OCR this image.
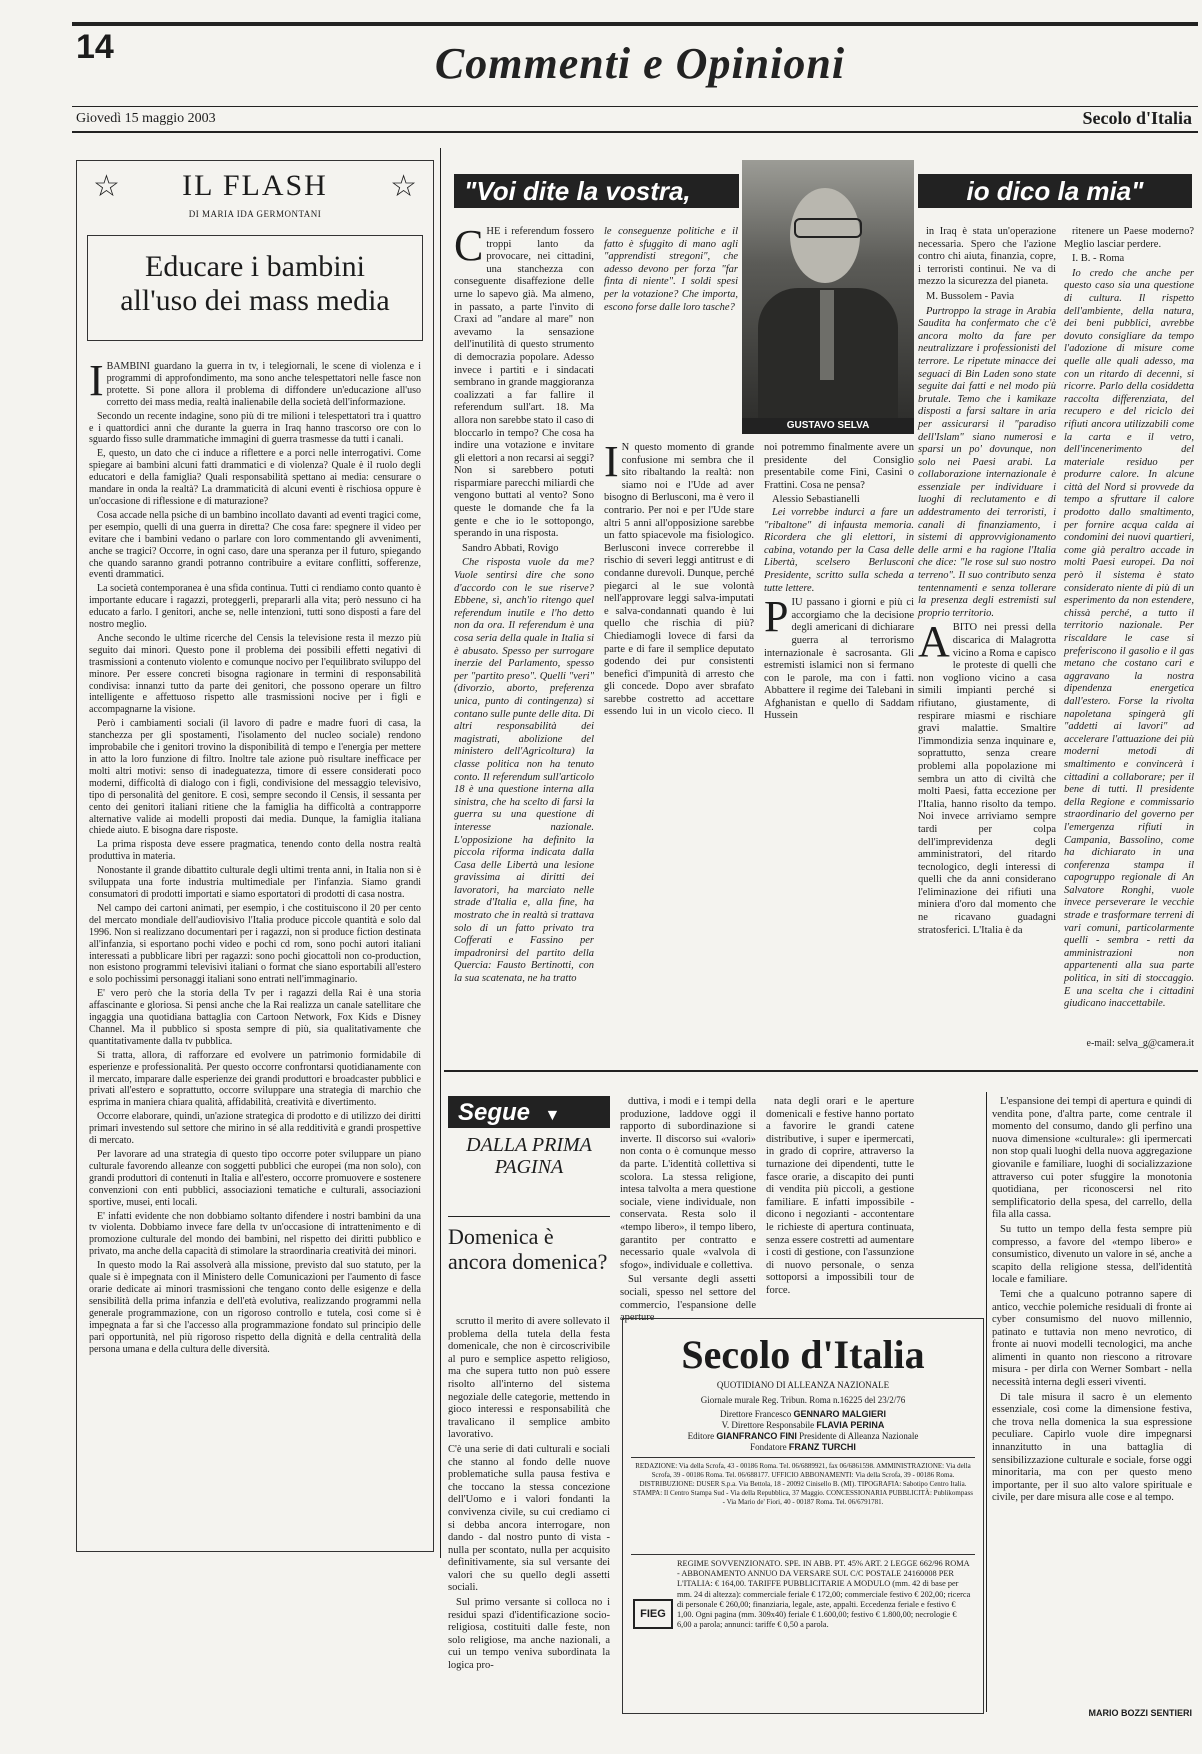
14	Commenti e Opinioni
Giovedì 15 maggio 2003	Secolo d'Italia
☆ IL FLASH ☆
DI MARIA IDA GERMONTANI
Educare i bambini all'uso dei mass media
I BAMBINI guardano la guerra in tv, i telegiornali, le scene di violenza e i programmi di approfondimento, ma sono anche telespettatori nelle fasce non protette. Si pone allora il problema di diffondere un'educazione all'uso corretto dei mass media, realtà inalienabile della società dell'informazione.

Secondo un recente indagine, sono più di tre milioni i telespettatori tra i quattro e i quattordici anni che durante la guerra in Iraq hanno trascorso ore con lo sguardo fisso sulle drammatiche immagini di guerra trasmesse da tutti i canali.

E, questo, un dato che ci induce a riflettere e a porci nelle interrogativi. Come spiegare ai bambini alcuni fatti drammatici e di violenza? Quale è il ruolo degli educatori e della famiglia? Quali responsabilità spettano ai media: censurare o mandare in onda la realtà? La drammaticità di alcuni eventi è rischiosa oppure è un'occasione di riflessione e di maturazione?

Cosa accade nella psiche di un bambino incollato davanti ad eventi tragici come, per esempio, quelli di una guerra in diretta? Che cosa fare: spegnere il video per evitare che i bambini vedano o parlare con loro commentando gli avvenimenti, anche se tragici? Occorre, in ogni caso, dare una speranza per il futuro, spiegando che quando saranno grandi potranno contribuire a evitare conflitti, sofferenze, eventi drammatici.

La società contemporanea è una sfida continua. Tutti ci rendiamo conto quanto è importante educare i ragazzi, proteggerli, prepararli alla vita; però nessuno ci ha educato a farlo. I genitori, anche se, nelle intenzioni, tutti sono disposti a fare del nostro meglio.

Anche secondo le ultime ricerche del Censis la televisione resta il mezzo più seguito dai minori. Questo pone il problema dei possibili effetti negativi di trasmissioni a contenuto violento e comunque nocivo per l'equilibrato sviluppo del minore. Per essere concreti bisogna ragionare in termini di responsabilità condivisa: innanzi tutto da parte dei genitori, che possono operare un filtro intelligente e affettuoso rispetto alle trasmissioni nocive per i figli e accompagnarne la visione.

Però i cambiamenti sociali (il lavoro di padre e madre fuori di casa, la stanchezza per gli spostamenti, l'isolamento del nucleo sociale) rendono improbabile che i genitori trovino la disponibilità di tempo e l'energia per mettere in atto la loro funzione di filtro. Inoltre tale azione può risultare inefficace per molti altri motivi: senso di inadeguatezza, timore di essere considerati poco moderni, difficoltà di dialogo con i figli, condivisione del messaggio televisivo, tipo di personalità del genitore. E così, sempre secondo il Censis, il sessanta per cento dei genitori italiani ritiene che la famiglia ha difficoltà a contrapporre alternative valide ai modelli proposti dai media. Dunque, la famiglia italiana chiede aiuto. E bisogna dare risposte.

La prima risposta deve essere pragmatica, tenendo conto della nostra realtà produttiva in materia.

Nonostante il grande dibattito culturale degli ultimi trenta anni, in Italia non si è sviluppata una forte industria multimediale per l'infanzia. Siamo grandi consumatori di prodotti importati e siamo esportatori di prodotti di casa nostra.

Nel campo dei cartoni animati, per esempio, i che costituiscono il 20 per cento del mercato mondiale dell'audiovisivo l'Italia produce piccole quantità e solo dal 1996. Non si realizzano documentari per i ragazzi, non si produce fiction destinata all'infanzia, si esportano pochi video e pochi cd rom, sono pochi autori italiani interessati a pubblicare libri per ragazzi: sono pochi giocattoli non co-production, non esistono programmi televisivi italiani o format che siano esportabili all'estero e solo pochissimi personaggi italiani sono entrati nell'immaginario.

E' vero però che la storia della Tv per i ragazzi della Rai è una storia affascinante e gloriosa. Si pensi anche che la Rai realizza un canale satellitare che ingaggia una quotidiana battaglia con Cartoon Network, Fox Kids e Disney Channel. Ma il pubblico si sposta sempre di più, sia qualitativamente che quantitativamente dalla tv pubblica.

Si tratta, allora, di rafforzare ed evolvere un patrimonio formidabile di esperienze e professionalità. Per questo occorre confrontarsi quotidianamente con il mercato, imparare dalle esperienze dei grandi produttori e broadcaster pubblici e privati all'estero e soprattutto, occorre sviluppare una strategia di marchio che esprima in maniera chiara qualità, affidabilità, creatività e divertimento.

Occorre elaborare, quindi, un'azione strategica di prodotto e di utilizzo dei diritti primari investendo sul settore che mirino in sé alla redditività e grandi prospettive di mercato.

Per lavorare ad una strategia di questo tipo occorre poter sviluppare un piano culturale favorendo alleanze con soggetti pubblici che europei (ma non solo), con grandi produttori di contenuti in Italia e all'estero, occorre promuovere e sostenere convenzioni con enti pubblici, associazioni tematiche e culturali, associazioni sportive, musei, enti locali.

E' infatti evidente che non dobbiamo soltanto difendere i nostri bambini da una tv violenta. Dobbiamo invece fare della tv un'occasione di intrattenimento e di promozione culturale del mondo dei bambini, nel rispetto dei diritti pubblico e privato, ma anche della capacità di stimolare la straordinaria creatività dei minori.

In questo modo la Rai assolverà alla missione, previsto dal suo statuto, per la quale si è impegnata con il Ministero delle Comunicazioni per l'aumento di fasce orarie dedicate ai minori trasmissioni che tengano conto delle esigenze e della sensibilità della prima infanzia e dell'età evolutiva, realizzando programmi nella generale programmazione, con un rigoroso controllo e tutela, così come si è impegnata a far sì che l'accesso alla programmazione fondato sul principio delle pari opportunità, nel più rigoroso rispetto della dignità e della centralità della persona umana e della cultura delle diversità.

"Voi dite la vostra,	io dico la mia"
GUSTAVO SELVA
C HE i referendum fossero troppi lanto da provocare, nei cittadini, una stanchezza con conseguente disaffezione delle urne lo sapevo già. Ma almeno, in passato, a parte l'invito di Craxi ad "andare al mare" non avevamo la sensazione dell'inutilità di questo strumento di democrazia popolare. Adesso invece i partiti e i sindacati sembrano in grande maggioranza coalizzati a far fallire il referendum sull'art. 18. Ma allora non sarebbe stato il caso di bloccarlo in tempo? Che cosa ha indire una votazione e invitare gli elettori a non recarsi ai seggi? Non si sarebbero potuti risparmiare parecchi miliardi che vengono buttati al vento? Sono queste le domande che fa la gente e che io le sottopongo, sperando in una risposta.

Sandro Abbati, Rovigo

Che risposta vuole da me? Vuole sentirsi dire che sono d'accordo con le sue riserve? Ebbene, sì, anch'io ritengo quel referendum inutile e l'ho detto non da ora. Il referendum è una cosa seria della quale in Italia si è abusato. Spesso per surrogare inerzie del Parlamento, spesso per "partito preso". Quelli "veri" (divorzio, aborto, preferenza unica, punto di contingenza) si contano sulle punte delle dita. Di altri responsabilità dei magistrati, abolizione del ministero dell'Agricoltura) la classe politica non ha tenuto conto. Il referendum sull'articolo 18 è una questione interna alla sinistra, che ha scelto di farsi la guerra su una questione di interesse nazionale. L'opposizione ha definito la piccola riforma indicata dalla Casa delle Libertà una lesione gravissima ai diritti dei lavoratori, ha marciato nelle strade d'Italia e, alla fine, ha mostrato che in realtà si trattava solo di un fatto privato tra Cofferati e Fassino per impadronirsi del partito della Quercia: Fausto Bertinotti, con la sua scatenata, ne ha tratto

le conseguenze politiche e il fatto è sfuggito di mano agli "apprendisti stregoni", che adesso devono per forza "far finta di niente". I soldi spesi per la votazione? Che importa, escono forse dalle loro tasche?
I N questo momento di grande confusione mi sembra che il sito ribaltando la realtà: non siamo noi e l'Ude ad aver bisogno di Berlusconi, ma è vero il contrario. Per noi e per l'Ude stare altri 5 anni all'opposizione sarebbe un fatto spiacevole ma fisiologico. Berlusconi invece correrebbe il rischio di severi leggi antitrust e di condanne durevoli. Dunque, perché piegarci al le sue volontà nell'approvare leggi salva-imputati e salva-condannati quando è lui quello che rischia di più? Chiediamogli lovece di farsi da parte e di fare il semplice deputato godendo dei pur consistenti benefici d'impunità di arresto che gli concede. Dopo aver sbrafato sarebbe costretto ad accettare essendo lui in un vicolo cieco. Il noi potremmo finalmente avere un presidente del Consiglio presentabile come Fini, Casini o Frattini. Cosa ne pensa?

Alessio Sebastianelli

Lei vorrebbe indurci a fare un "ribaltone" di infausta memoria. Ricordera che gli elettori, in cabina, votando per la Casa delle Libertà, scelsero Berlusconi Presidente, scritto sulla scheda a tutte lettere.

P IU passano i giorni e più ci accorgiamo che la decisione degli americani di dichiarare guerra al terrorismo internazionale è sacrosanta. Gli estremisti islamici non si fermano con le parole, ma con i fatti. Abbattere il regime dei Talebani in Afghanistan e quello di Saddam Hussein

in Iraq è stata un'operazione necessaria. Spero che l'azione contro chi aiuta, finanzia, copre, i terroristi continui. Ne va di mezzo la sicurezza del pianeta.

M. Bussolem - Pavia

Purtroppo la strage in Arabia Saudita ha confermato che c'è ancora molto da fare per neutralizzare i professionisti del terrore. Le ripetute minacce dei seguaci di Bin Laden sono state seguite dai fatti e nel modo più brutale. Temo che i kamikaze disposti a farsi saltare in aria per assicurarsi il "paradiso dell'Islam" siano numerosi e sparsi un po' dovunque, non solo nei Paesi arabi. La collaborazione internazionale è essenziale per individuare i luoghi di reclutamento e di addestramento dei terroristi, i canali di finanziamento, i sistemi di approvvigionamento delle armi e ha ragione l'Italia che dice: "le rose sul suo nostro terreno". Il suo contributo senza tentennamenti e senza tollerare la presenza degli estremisti sul proprio territorio.

A BITO nei pressi della discarica di Malagrotta vicino a Roma e capisco le proteste di quelli che non vogliono vicino a casa simili impianti perché si rifiutano, giustamente, di respirare miasmi e rischiare gravi malattie. Smaltire l'immondizia senza inquinare e, soprattutto, senza creare problemi alla popolazione mi sembra un atto di civiltà che molti Paesi, fatta eccezione per l'Italia, hanno risolto da tempo. Noi invece arriviamo sempre tardi per colpa dell'imprevidenza degli amministratori, del ritardo tecnologico, degli interessi di quelli che da anni considerano l'eliminazione dei rifiuti una miniera d'oro dal momento che ne ricavano guadagni stratosferici. L'Italia è da

ritenere un Paese moderno? Meglio lasciar perdere.

I. B. - Roma

Io credo che anche per questo caso sia una questione di cultura. Il rispetto dell'ambiente, della natura, dei beni pubblici, avrebbe dovuto consigliare da tempo l'adozione di misure come quelle alle quali adesso, ma con un ritardo di decenni, si ricorre. Parlo della cosiddetta raccolta differenziata, del recupero e del riciclo dei rifiuti ancora utilizzabili come la carta e il vetro, dell'incenerimento del materiale residuo per produrre calore. In alcune città del Nord si provvede da tempo a sfruttare il calore prodotto dallo smaltimento, per fornire acqua calda ai condomini dei nuovi quartieri, come già peraltro accade in molti Paesi europei. Da noi però il sistema è stato considerato niente di più di un esperimento da non estendere, chissà perché, a tutto il territorio nazionale. Per riscaldare le case si preferiscono il gasolio e il gas metano che costano cari e aggravano la nostra dipendenza energetica dall'estero. Forse la rivolta napoletana spingerà gli "addetti ai lavori" ad accelerare l'attuazione dei più moderni metodi di smaltimento e convincerà i cittadini a collaborare; per il bene di tutti. Il presidente della Regione e commissario straordinario del governo per l'emergenza rifiuti in Campania, Bassolino, come ha dichiarato in una conferenza stampa il capogruppo regionale di An Salvatore Ronghi, vuole invece perseverare le vecchie strade e trasformare terreni di vari comuni, particolarmente quelli - sembra - retti da amministrazioni non appartenenti alla sua parte politica, in siti di stoccaggio. E una scelta che i cittadini giudicano inaccettabile.

e-mail: selva_g@camera.it
Segue ▼
DALLA PRIMA PAGINA
Domenica è ancora domenica?

scrutto il merito di avere sollevato il problema della tutela della festa domenicale, che non è circoscrivibile al puro e semplice aspetto religioso, ma che supera tutto non può essere risolto all'interno del sistema negoziale delle categorie, mettendo in gioco interessi e responsabilità che travalicano il semplice ambito lavorativo.

C'è una serie di dati culturali e sociali che stanno al fondo delle nuove problematiche sulla pausa festiva e che toccano la stessa concezione dell'Uomo e i valori fondanti la convivenza civile, su cui crediamo ci si debba ancora interrogare, non dando - dal nostro punto di vista - nulla per scontato, nulla per acquisito definitivamente, sia sul versante dei valori che su quello degli assetti sociali.

Sul primo versante si colloca no i residui spazi d'identificazione socio-religiosa, costituiti dalle feste, non solo religiose, ma anche nazionali, a cui un tempo veniva subordinata la logica pro-

duttiva, i modi e i tempi della produzione, laddove oggi il rapporto di subordinazione si inverte. Il discorso sui «valori» non conta o è comunque messo da parte. L'identità collettiva si scolora. La stessa religione, intesa talvolta a mera questione sociale, viene individuale, non conservata. Resta solo il «tempo libero», il tempo libero, garantito per contratto e necessario quale «valvola di sfogo», individuale e collettiva.

Sul versante degli assetti sociali, spesso nel settore del commercio, l'espansione delle aperture

nata degli orari e le aperture domenicali e festive hanno portato a favorire le grandi catene distributive, i super e ipermercati, in grado di coprire, attraverso la turnazione dei dipendenti, tutte le fasce orarie, a discapito dei punti di vendita più piccoli, a gestione familiare. E infatti impossibile - dicono i negozianti - accontentare le richieste di apertura continuata, senza essere costretti ad aumentare i costi di gestione, con l'assunzione di nuovo personale, o senza sottoporsi a impossibili tour de force.

L'espansione dei tempi di apertura e quindi di vendita pone, d'altra parte, come centrale il momento del consumo, dando gli perfino una nuova dimensione «culturale»: gli ipermercati non stop quali luoghi della nuova aggregazione giovanile e familiare, luoghi di socializzazione attraverso cui poter sfuggire la monotonia quotidiana, per riconoscersi nel rito semplificatorio della spesa, del carrello, della fila alla cassa.

Su tutto un tempo della festa sempre più compresso, a favore del «tempo libero» e consumistico, divenuto un valore in sé, anche a scapito della religione stessa, dell'identità locale e familiare.

Temi che a qualcuno potranno sapere di antico, vecchie polemiche residuali di fronte ai cyber consumismo del nuovo millennio, patinato e tuttavia non meno nevrotico, di fronte ai nuovi modelli tecnologici, ma anche alimenti in quanto non riescono a ritrovare misura - per dirla con Werner Sombart - nella necessità interna degli esseri viventi.

Di tale misura il sacro è un elemento essenziale, così come la dimensione festiva, che trova nella domenica la sua espressione peculiare. Capirlo vuole dire impegnarsi innanzitutto in una battaglia di sensibilizzazione culturale e sociale, forse oggi minoritaria, ma con per questo meno importante, per il suo alto valore spirituale e civile, per dare misura alle cose e al tempo.

MARIO BOZZI SENTIERI
Secolo d'Italia
QUOTIDIANO DI ALLEANZA NAZIONALE
Giornale murale Reg. Tribun. Roma n.16225 del 23/2/76
Direttore Francesco GENNARO MALGIERI
V. Direttore Responsabile FLAVIA PERINA
Editore GIANFRANCO FINI Presidente di Alleanza Nazionale
Fondatore FRANZ TURCHI
REDAZIONE: Via della Scrofa, 43 - 00186 Roma. Tel. 06/6889921, fax 06/6861598. AMMINISTRAZIONE: Via della Scrofa, 39 - 00186 Roma. Tel. 06/688177. UFFICIO ABBONAMENTI: Via della Scrofa, 39 - 00186 Roma. DISTRIBUZIONE: DUSER S.p.a. Via Bettola, 18 - 20092 Cinisello B. (MI). TIPOGRAFIA: Sabotipo Centro Italia. STAMPA: Il Centro Stampa Sud - Via della Repubblica, 37 Maggio. CONCESSIONARIA PUBBLICITÀ: Publikompass - Via Mario de' Fiori, 40 - 00187 Roma. Tel. 06/6791781.
FIEG
REGIME SOVVENZIONATO. SPE. IN ABB. PT. 45% ART. 2 LEGGE 662/96 ROMA - ABBONAMENTO ANNUO DA VERSARE SUL C/C POSTALE 24160008 PER L'ITALIA: € 164,00. TARIFFE PUBBLICITARIE A MODULO (mm. 42 di base per mm. 24 di altezza): commerciale feriale € 172,00; commerciale festivo € 202,00; ricerca di personale € 260,00; finanziaria, legale, aste, appalti. Eccedenza feriale e festivo € 1,00. Ogni pagina (mm. 309x40) feriale € 1.600,00; festivo € 1.800,00; necrologie € 6,00 a parola; annunci: tariffe € 0,50 a parola.
